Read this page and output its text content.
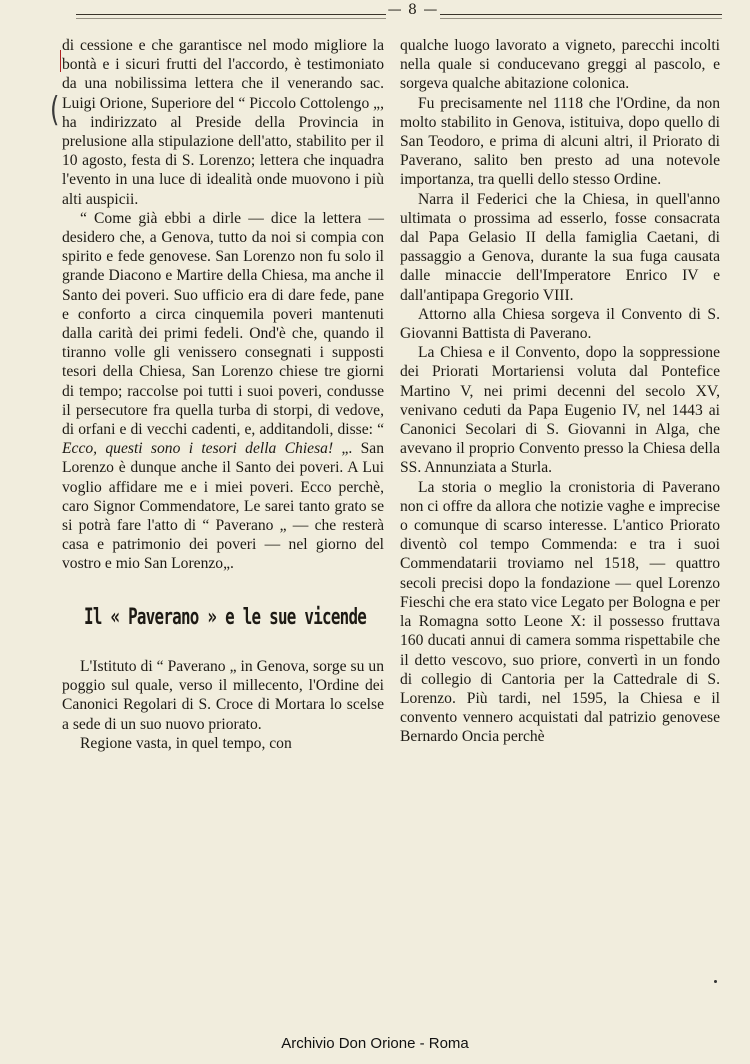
— 8 —
(

di cessione e che garantisce nel modo migliore la bontà e i sicuri frutti del l'accordo, è testimoniato da una nobilissima lettera che il venerando sac. Luigi Orione, Superiore del “ Piccolo Cottolengo „, ha indirizzato al Preside della Provincia in prelusione alla stipulazione dell'atto, stabilito per il 10 agosto, festa di S. Lorenzo; lettera che inquadra l'evento in una luce di idealità onde muovono i più alti auspicii.

“ Come già ebbi a dirle — dice la lettera — desidero che, a Genova, tutto da noi si compia con spirito e fede genovese. San Lorenzo non fu solo il grande Diacono e Martire della Chiesa, ma anche il Santo dei poveri. Suo ufficio era di dare fede, pane e conforto a circa cinquemila poveri mantenuti dalla carità dei primi fedeli. Ond'è che, quando il tiranno volle gli venissero consegnati i supposti tesori della Chiesa, San Lorenzo chiese tre giorni di tempo; raccolse poi tutti i suoi poveri, condusse il persecutore fra quella turba di storpi, di vedove, di orfani e di vecchi cadenti, e, additandoli, disse: “ Ecco, questi sono i tesori della Chiesa! „. San Lorenzo è dunque anche il Santo dei poveri. A Lui voglio affidare me e i miei poveri. Ecco perchè, caro Signor Commendatore, Le sarei tanto grato se si potrà fare l'atto di “ Paverano „ — che resterà casa e patrimonio dei poveri — nel giorno del vostro e mio San Lorenzo„.

Il « Paverano » e le sue vicende

L'Istituto di “ Paverano „ in Genova, sorge su un poggio sul quale, verso il millecento, l'Ordine dei Canonici Regolari di S. Croce di Mortara lo scelse a sede di un suo nuovo priorato.

Regione vasta, in quel tempo, con

qualche luogo lavorato a vigneto, parecchi incolti nella quale si conducevano greggi al pascolo, e sorgeva qualche abitazione colonica.

Fu precisamente nel 1118 che l'Ordine, da non molto stabilito in Genova, istituiva, dopo quello di San Teodoro, e prima di alcuni altri, il Priorato di Paverano, salito ben presto ad una notevole importanza, tra quelli dello stesso Ordine.

Narra il Federici che la Chiesa, in quell'anno ultimata o prossima ad esserlo, fosse consacrata dal Papa Gelasio II della famiglia Caetani, di passaggio a Genova, durante la sua fuga causata dalle minaccie dell'Imperatore Enrico IV e dall'antipapa Gregorio VIII.

Attorno alla Chiesa sorgeva il Convento di S. Giovanni Battista di Paverano.

La Chiesa e il Convento, dopo la soppressione dei Priorati Mortariensi voluta dal Pontefice Martino V, nei primi decenni del secolo XV, venivano ceduti da Papa Eugenio IV, nel 1443 ai Canonici Secolari di S. Giovanni in Alga, che avevano il proprio Convento presso la Chiesa della SS. Annunziata a Sturla.

La storia o meglio la cronistoria di Paverano non ci offre da allora che notizie vaghe e imprecise o comunque di scarso interesse. L'antico Priorato diventò col tempo Commenda: e tra i suoi Commendatarii troviamo nel 1518, — quattro secoli precisi dopo la fondazione — quel Lorenzo Fieschi che era stato vice Legato per Bologna e per la Romagna sotto Leone X: il possesso fruttava 160 ducati annui di camera somma rispettabile che il detto vescovo, suo priore, convertì in un fondo di collegio di Cantoria per la Cattedrale di S. Lorenzo. Più tardi, nel 1595, la Chiesa e il convento vennero acquistati dal patrizio genovese Bernardo Oncia perchè

Archivio Don Orione - Roma
